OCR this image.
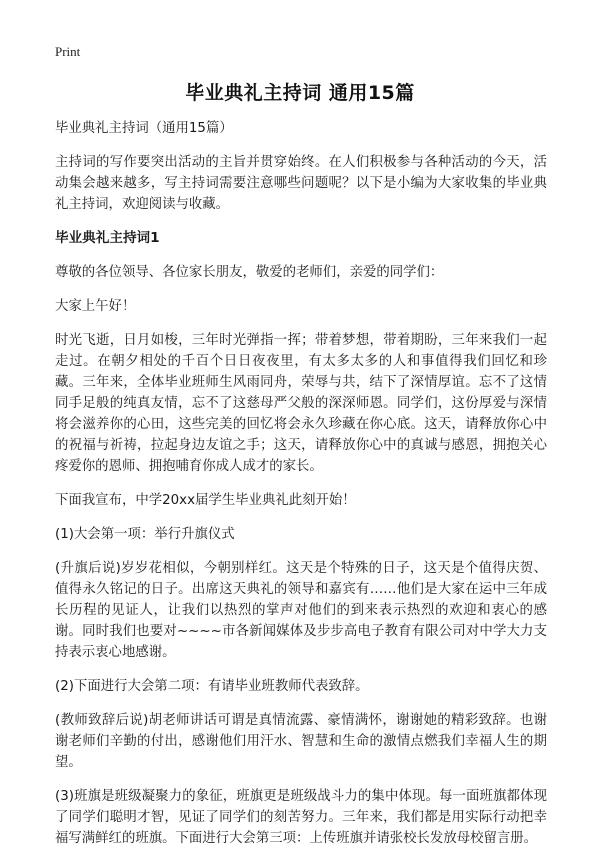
Print
毕业典礼主持词 通用15篇

毕业典礼主持词（通用15篇）

主持词的写作要突出活动的主旨并贯穿始终。在人们积极参与各种活动的今天，活动集会越来越多，写主持词需要注意哪些问题呢？以下是小编为大家收集的毕业典礼主持词，欢迎阅读与收藏。

毕业典礼主持词1

尊敬的各位领导、各位家长朋友，敬爱的老师们，亲爱的同学们：

大家上午好！

时光飞逝，日月如梭，三年时光弹指一挥；带着梦想，带着期盼，三年来我们一起走过。在朝夕相处的千百个日日夜夜里，有太多太多的人和事值得我们回忆和珍藏。三年来，全体毕业班师生风雨同舟，荣辱与共，结下了深情厚谊。忘不了这情同手足般的纯真友情，忘不了这慈母严父般的深深师恩。同学们，这份厚爱与深情将会滋养你的心田，这些完美的回忆将会永久珍藏在你心底。这天，请释放你心中的祝福与祈祷，拉起身边友谊之手；这天，请释放你心中的真诚与感恩，拥抱关心疼爱你的恩师、拥抱哺育你成人成才的家长。

下面我宣布，中学20xx届学生毕业典礼此刻开始！

(1)大会第一项：举行升旗仪式

(升旗后说)岁岁花相似，今朝别样红。这天是个特殊的日子，这天是个值得庆贺、值得永久铭记的日子。出席这天典礼的领导和嘉宾有……他们是大家在运中三年成长历程的见证人，让我们以热烈的掌声对他们的到来表示热烈的欢迎和衷心的感谢。同时我们也要对~~~~市各新闻媒体及步步高电子教育有限公司对中学大力支持表示衷心地感谢。

(2)下面进行大会第二项：有请毕业班教师代表致辞。

(教师致辞后说)胡老师讲话可谓是真情流露、豪情满怀，谢谢她的精彩致辞。也谢谢老师们辛勤的付出，感谢他们用汗水、智慧和生命的激情点燃我们幸福人生的期望。

(3)班旗是班级凝聚力的象征，班旗更是班级战斗力的集中体现。每一面班旗都体现了同学们聪明才智，见证了同学们的刻苦努力。三年来，我们都是用实际行动把幸福写满鲜红的班旗。下面进行大会第三项：上传班旗并请张校长发放母校留言册。
